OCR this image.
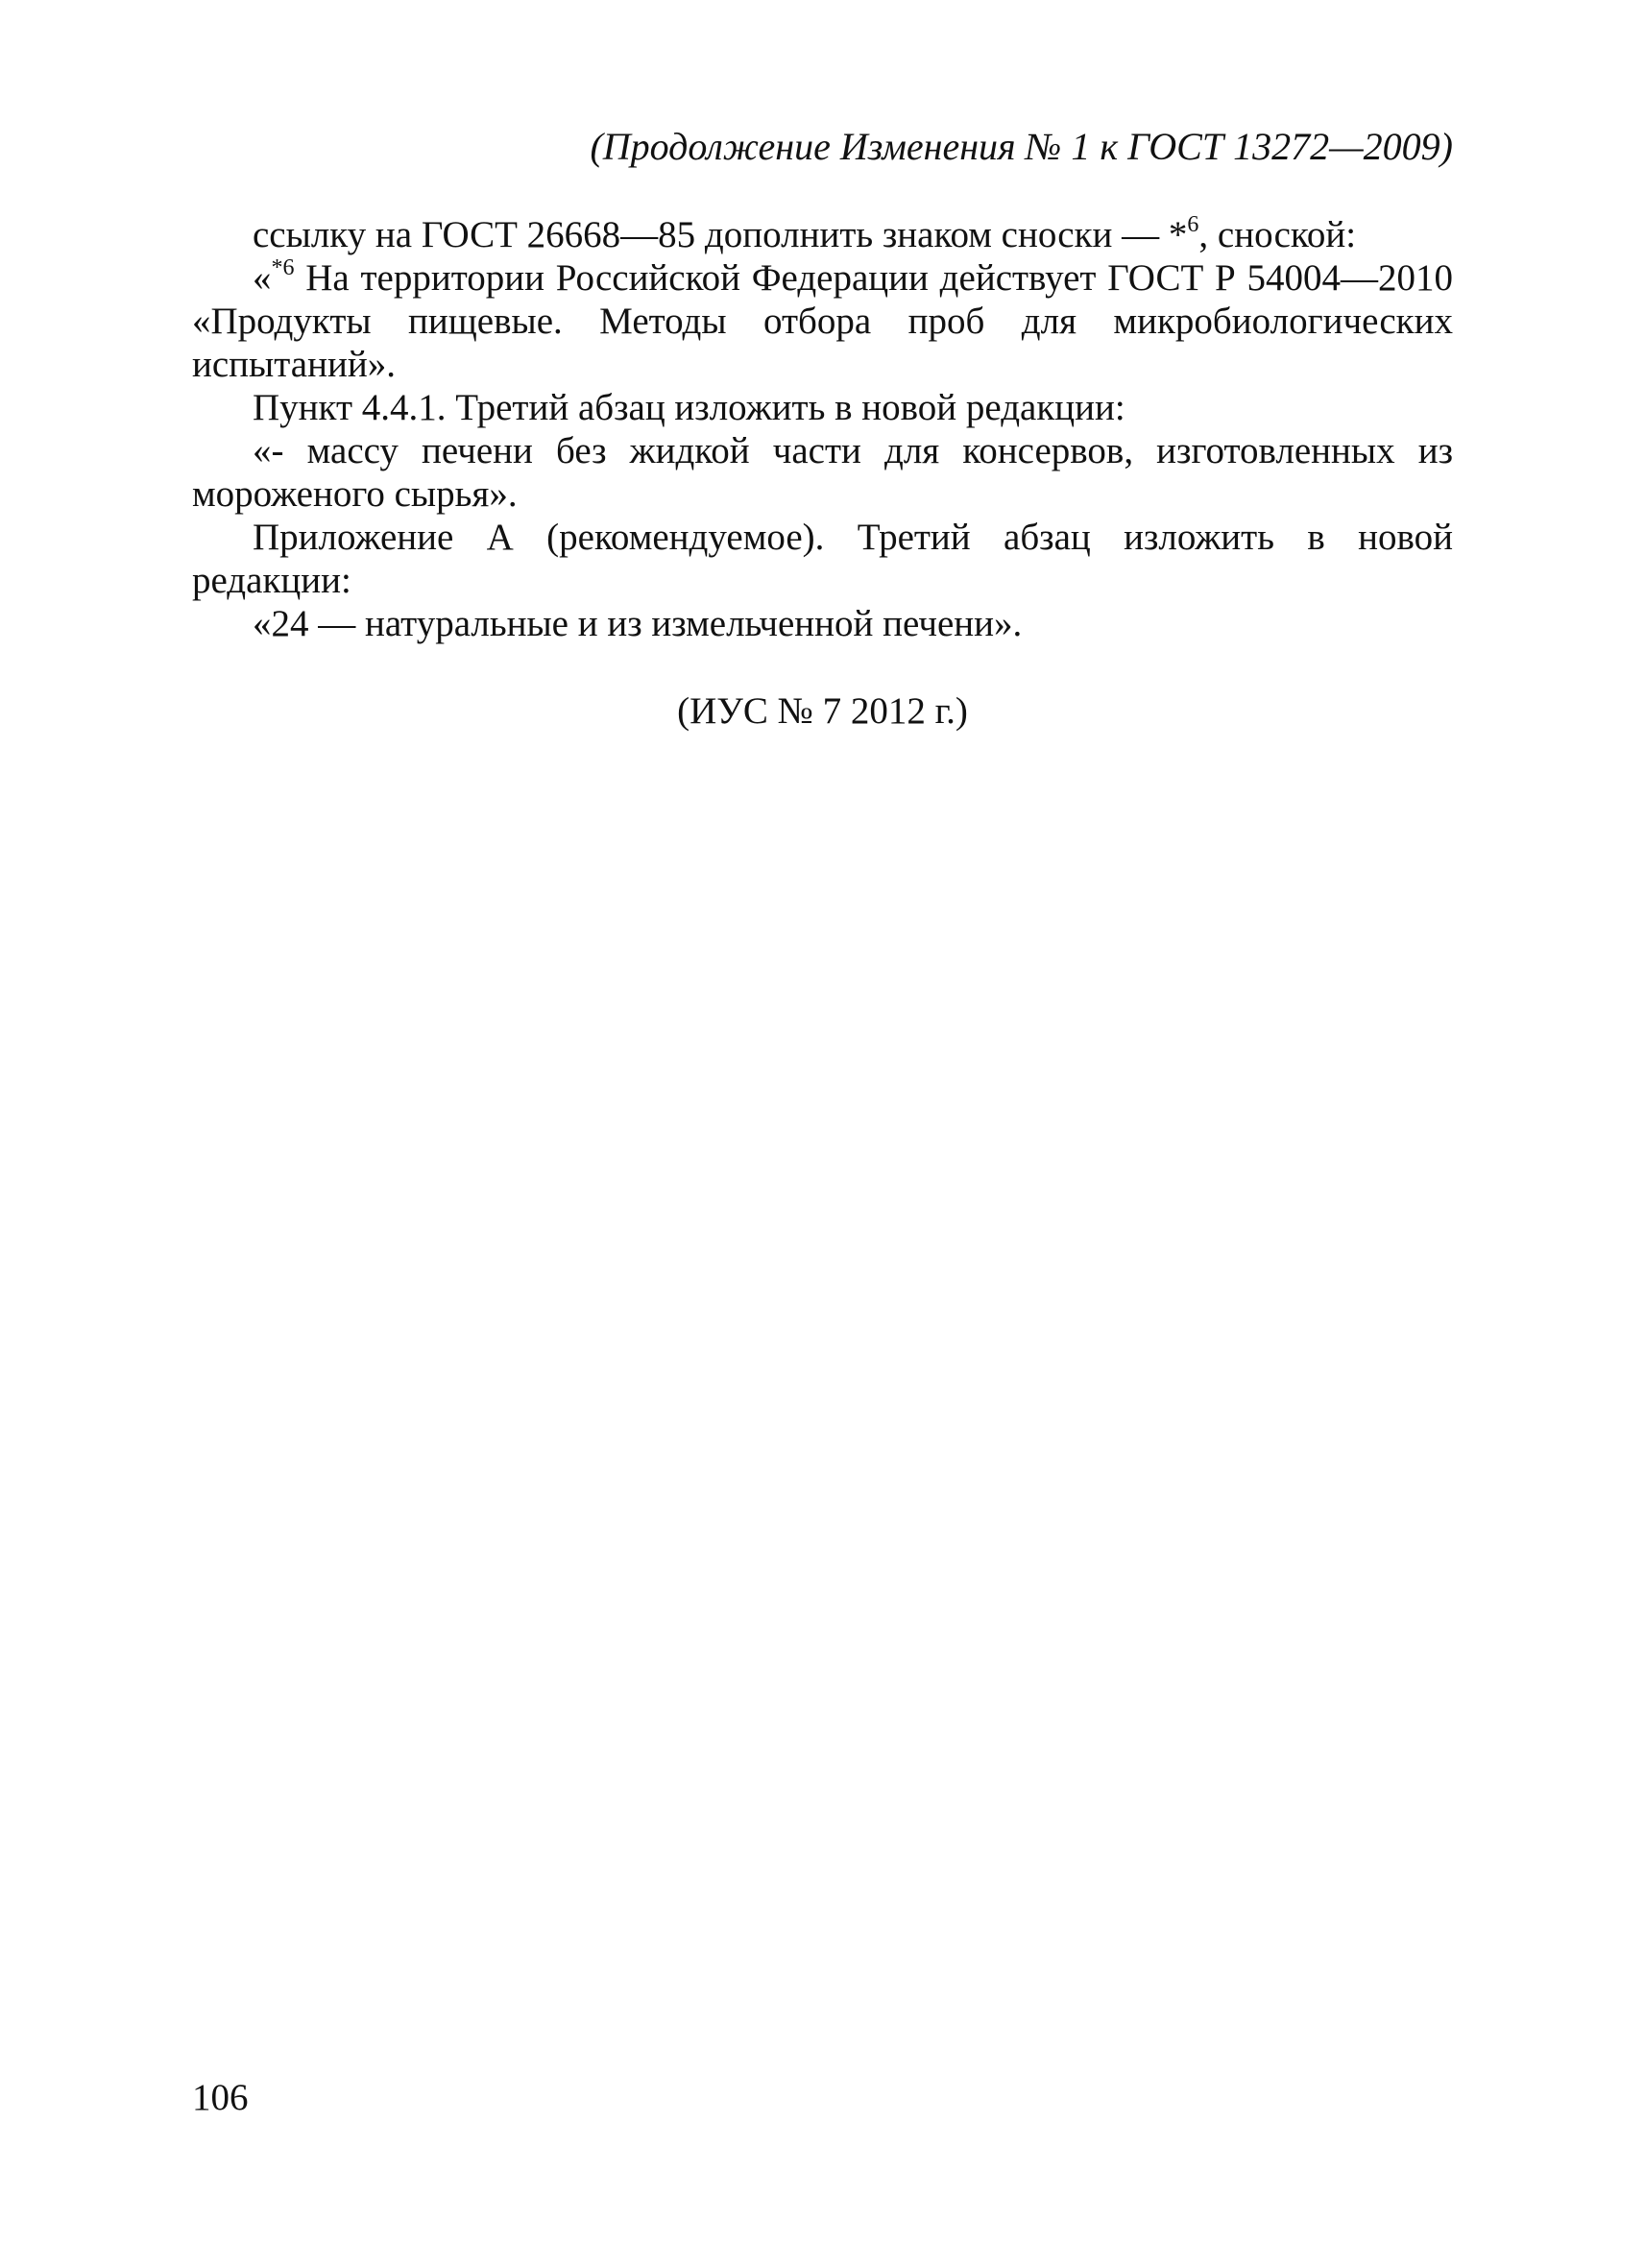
(Продолжение Изменения № 1 к ГОСТ 13272—2009)

ссылку на ГОСТ 26668—85 дополнить знаком сноски — *$^6$, сноской:

«$^{*6}$ На территории Российской Федерации действует ГОСТ Р 54004—2010 «Продукты пищевые. Методы отбора проб для микробиологических испытаний».

Пункт 4.4.1. Третий абзац изложить в новой редакции:

«- массу печени без жидкой части для консервов, изготовленных из мороженого сырья».

Приложение А (рекомендуемое). Третий абзац изложить в новой редакции:

«24 — натуральные и из измельченной печени».

(ИУС № 7 2012 г.)
106
